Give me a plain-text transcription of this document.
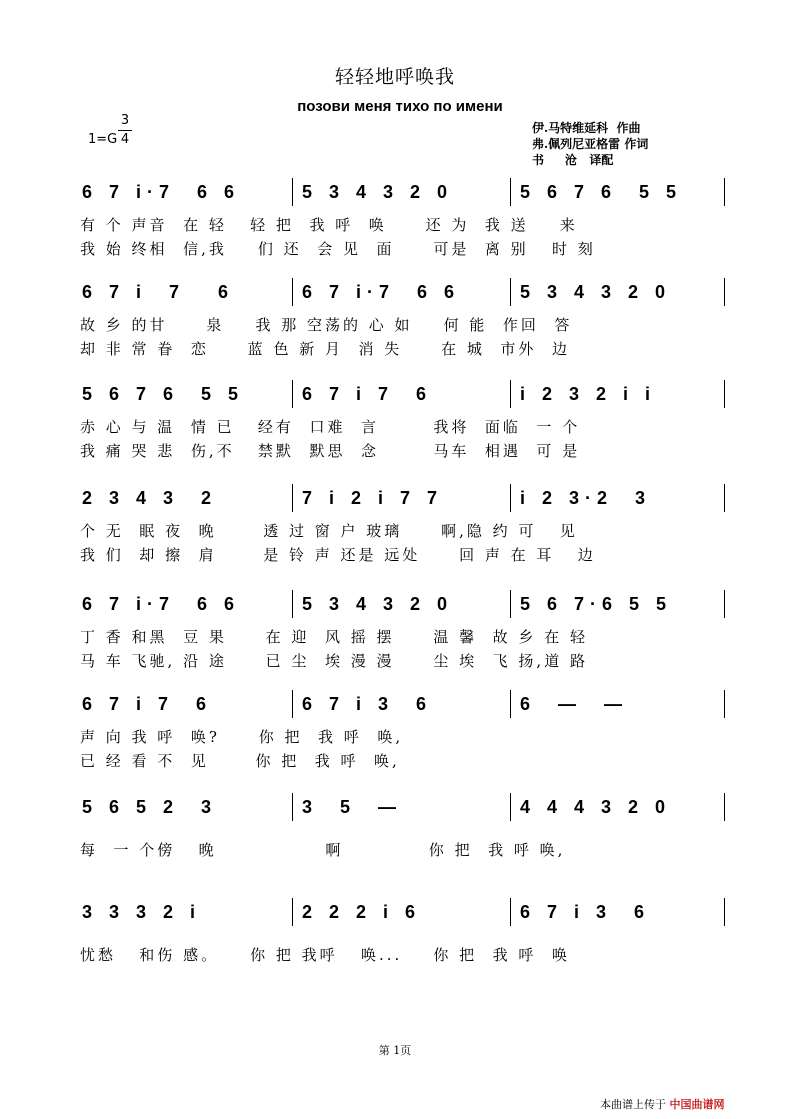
轻轻地呼唤我
позови меня тихо по имени
1=G
3
4
伊.马特维延科  作曲
弗.佩列尼亚格雷 作词
书     沧   译配
6 7 i·7  6 6	5 3 4 3 2 0	5 6 7 6  5 5
有 个 声音  在 轻   轻 把  我 呼  唤     还 为  我 送    来
我 始 终相  信,我    们 还  会 见  面     可是  离 别   时 刻
6 7 i  7   6	6 7 i·7  6 6	5 3 4 3 2 0
故 乡 的甘     泉    我 那 空荡的 心 如    何 能  作回  答
却 非 常 眷  恋     蓝 色 新 月  消 失     在 城  市外  边
5 6 7 6  5 5	6 7 i 7  6	i 2 3 2 i i
赤 心 与 温  情 已   经有  口难  言       我将  面临  一 个
我 痛 哭 悲  伤,不   禁默  默思  念       马车  相遇  可 是
2 3 4 3  2	7 i 2 i 7 7	i 2 3·2  3
个 无  眠 夜  晚      透 过 窗 户 玻璃     啊,隐 约 可   见
我 们  却 擦  肩      是 铃 声 还是 远处     回 声 在 耳   边
6 7 i·7  6 6	5 3 4 3 2 0	5 6 7·6 5 5
丁 香 和黑  豆 果     在 迎  风 摇 摆     温 馨  故 乡 在 轻
马 车 飞驰, 沿 途     已 尘  埃 漫 漫     尘 埃  飞 扬,道 路
6 7 i 7  6	6 7 i 3  6	6  —  —
声 向 我 呼  唤?     你 把  我 呼  唤,
已 经 看 不  见      你 把  我 呼  唤,
5 6 5 2  3	3  5  —	4 4 4 3 2 0
每  一 个傍   晚              啊           你 把  我 呼 唤,
3 3 3 2 i	2 2 2 i 6	6 7 i 3  6
忧愁   和伤 感。    你 把 我呼   唤...    你 把  我 呼  唤
第 1页
本曲谱上传于 中国曲谱网
